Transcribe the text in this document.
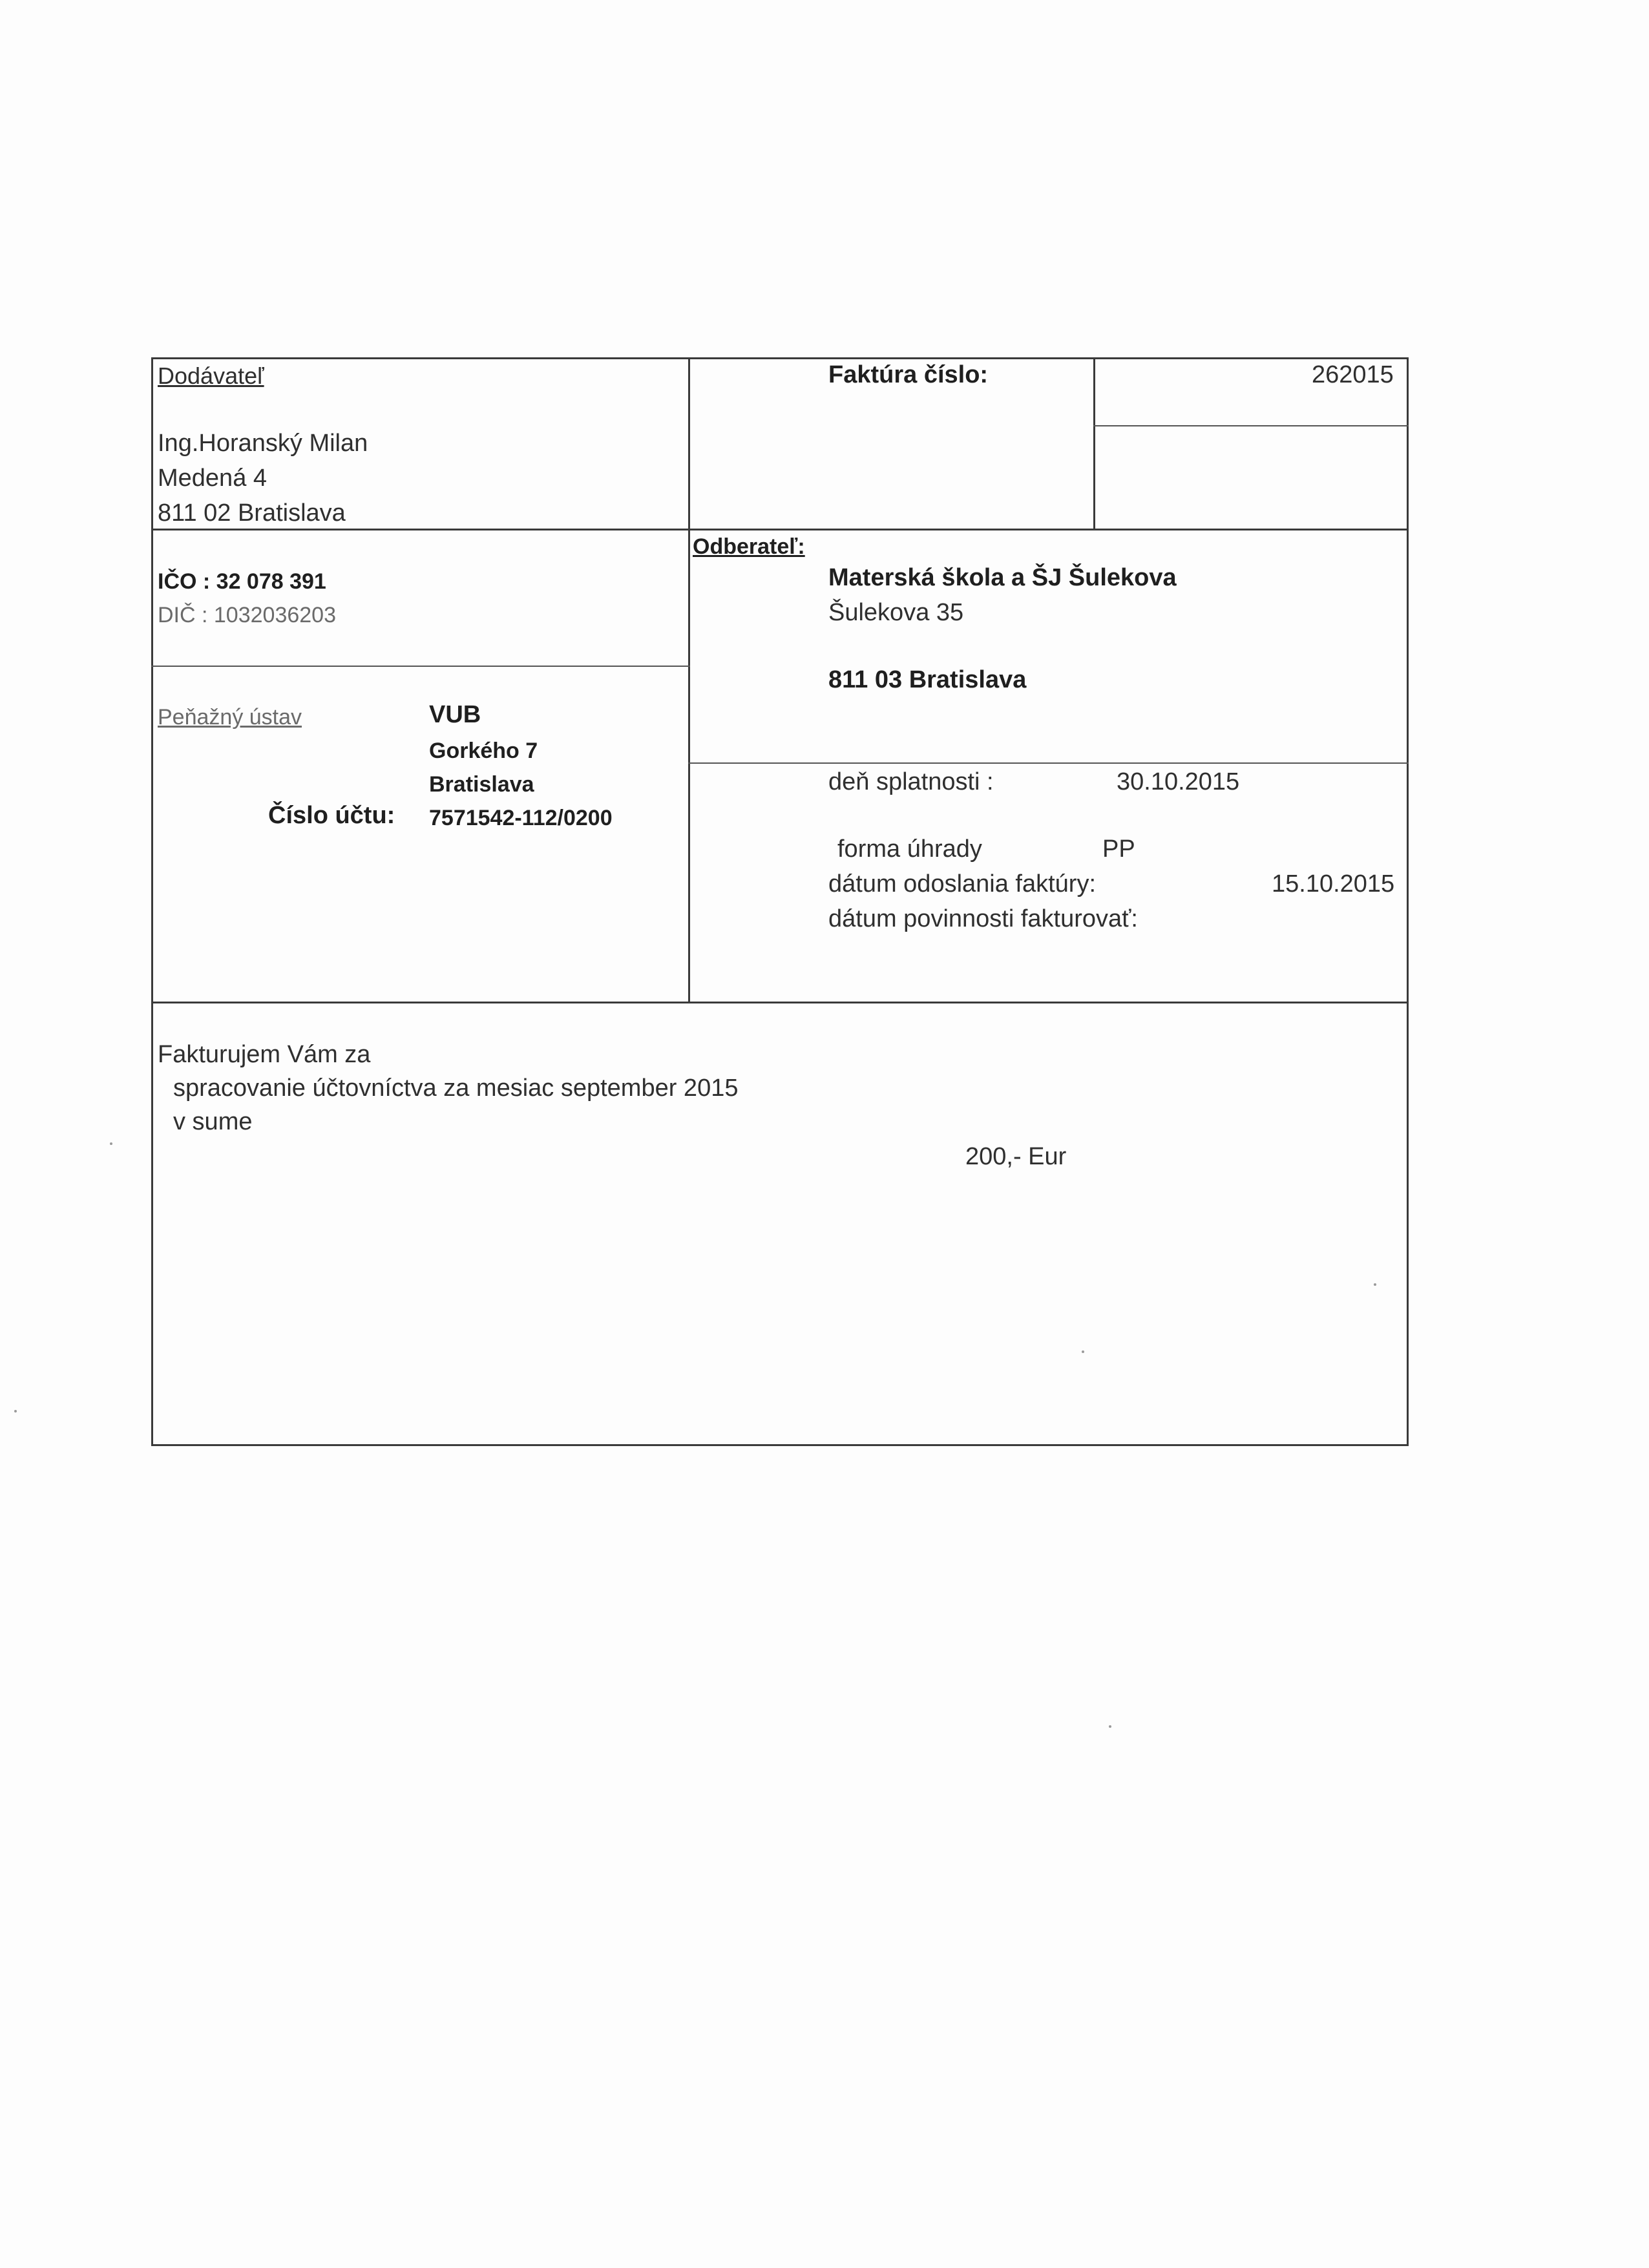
Dodávateľ
Ing.Horanský Milan
Medená 4
811 02 Bratislava
IČO : 32 078 391
DIČ : 1032036203
Peňažný ústav	VUB
Gorkého 7
Bratislava
Číslo účtu: 7571542-112/0200
Faktúra číslo:	262015
Odberateľ:
Materská škola a ŠJ Šulekova
Šulekova 35
811 03 Bratislava
deň splatnosti :	30.10.2015
forma úhrady	PP
dátum odoslania faktúry:	15.10.2015
dátum povinnosti fakturovať:
Fakturujem Vám za
spracovanie účtovníctva za mesiac september 2015
v sume
200,- Eur
